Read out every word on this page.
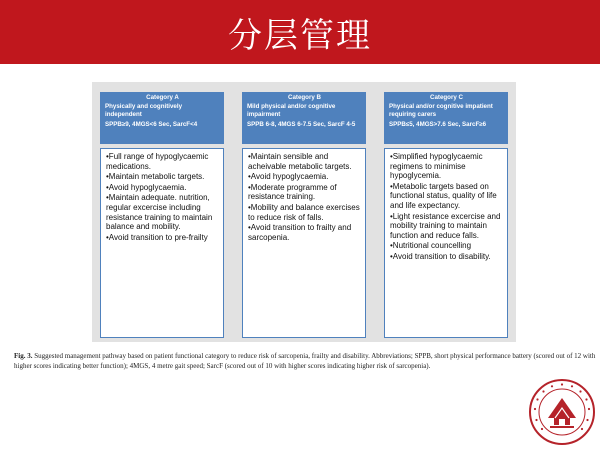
分层管理
Category A
Physically and cognitively independent
SPPB≥9, 4MGS<6 Sec, SarcF<4
•Full range of hypoglycaemic medications.
•Maintain metabolic targets.
•Avoid hypoglycaemia.
•Maintain adequate. nutrition, regular excercise including resistance training to maintain balance and mobility.
•Avoid transition to pre-frailty
Category B
Mild physical and/or cognitive impairment
SPPB 6-8, 4MGS 6-7.5 Sec, SarcF 4-5
•Maintain sensible and acheivable metabolic targets.
•Avoid hypoglycaemia.
•Moderate programme of resistance training.
•Mobility and balance exercises to reduce risk of falls.
•Avoid transition to frailty and sarcopenia.
Category C
Physical and/or cognitive impatient requiring carers
SPPB≤5, 4MGS>7.6 Sec, SarcF≥6
•Simplified hypoglycaemic regimens to minimise hypoglycemia.
•Metabolic targets based on functional status, quality of life and life expectancy.
•Light resistance excercise and mobility training to maintain function and reduce falls.
•Nutritional councelling
•Avoid transition to disability.
Fig. 3. Suggested management pathway based on patient functional category to reduce risk of sarcopenia, frailty and disability. Abbreviations; SPPB, short physical performance battery (scored out of 12 with higher scores indicating better function); 4MGS, 4 metre gait speed; SarcF (scored out of 10 with higher scores indicating higher risk of sarcopenia).
